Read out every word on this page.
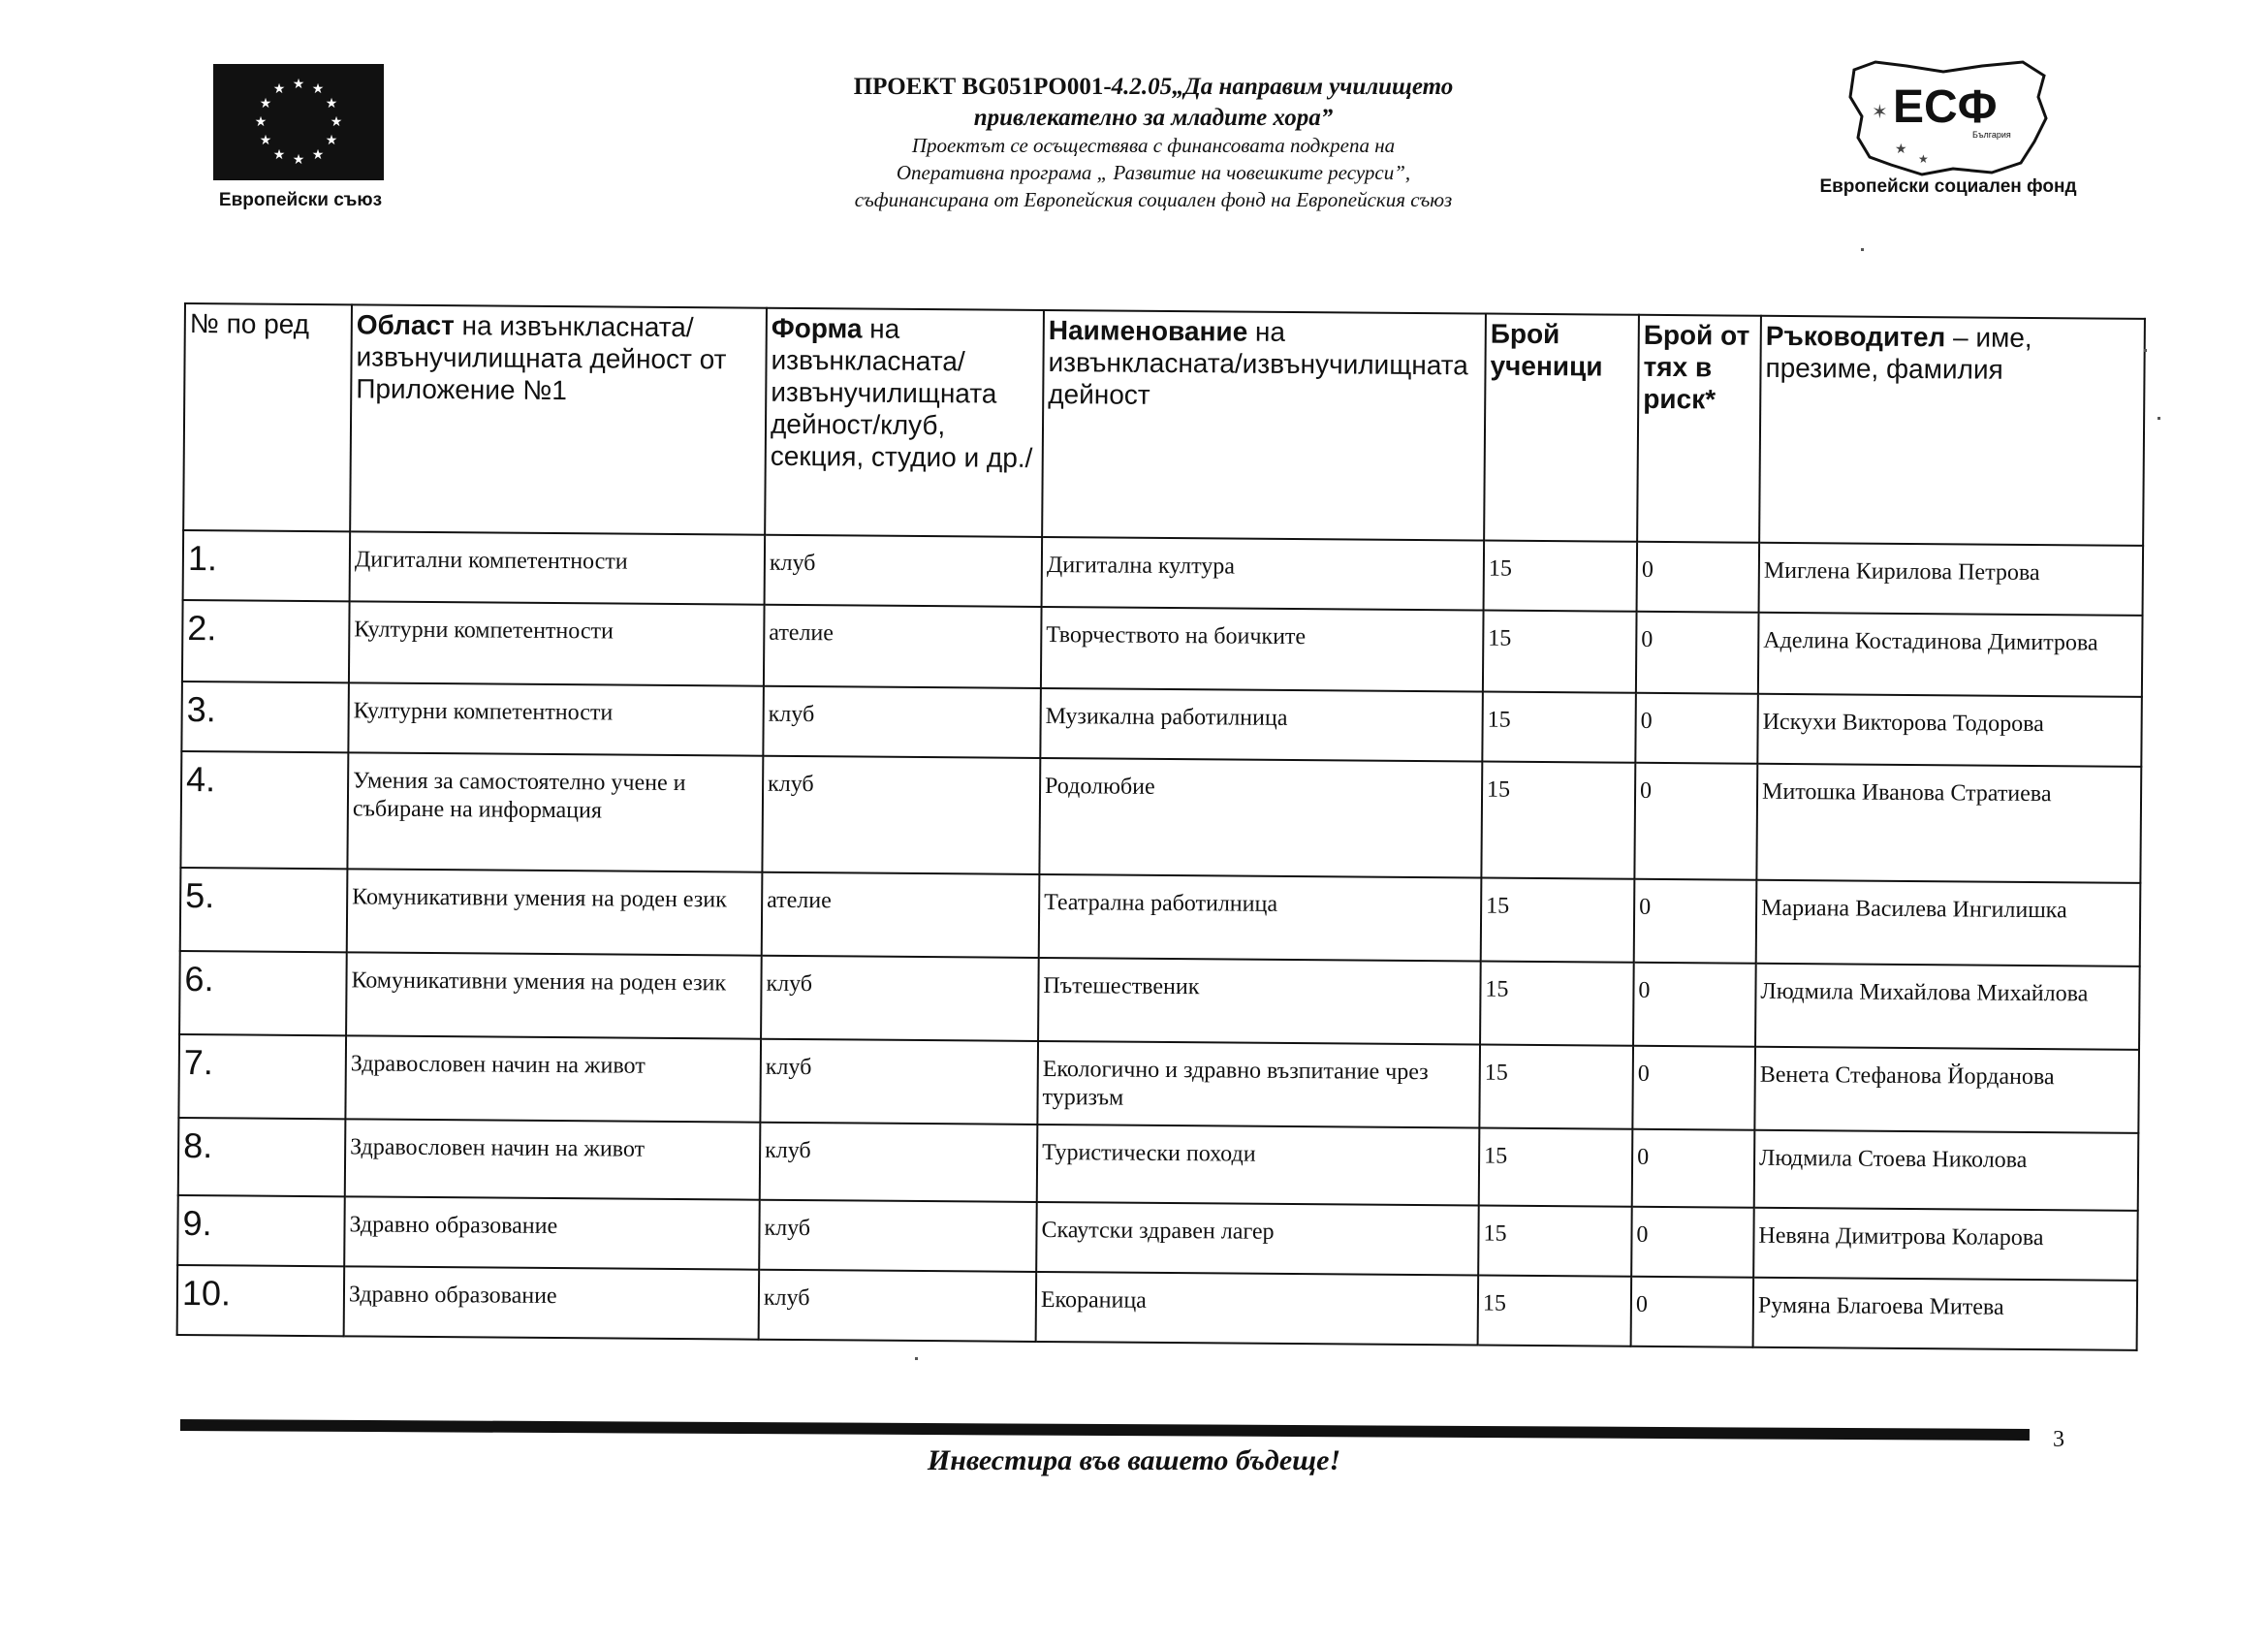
★ ★
★
★
★
★
★
★
★
★
★
★
Европейски съюз
ЕСФ
България
✶
★
★
Европейски социален фонд
ПРОЕКТ BG051PO001-4.2.05„Да направим училището
привлекателно за младите хора”
Проектът се осъществява с финансовата подкрепа на
Оперативна програма „ Развитие на човешките ресурси”,
съфинансирана от Европейския социален фонд на Европейския съюз
№ по ред	Област на извънкласната/извънучилищната дейност от Приложение №1	Форма на извънкласната/извънучилищната дейност/клуб, секция, студио и др./	Наименование на извънкласната/извънучилищната дейност	Брой ученици	Брой от тях в риск*	Ръководител – име, презиме, фамилия
1.	Дигитални компетентности	клуб	Дигитална култура	15	0	Миглена Кирилова Петрова
2.	Културни компетентности	ателие	Творчеството на боичките	15	0	Аделина Костадинова Димитрова
3.	Културни компетентности	клуб	Музикална работилница	15	0	Искухи Викторова Тодорова
4.	Умения за самостоятелно учене и събиране на информация	клуб	Родолюбие	15	0	Митошка Иванова Стратиева
5.	Комуникативни умения на роден език	ателие	Театрална работилница	15	0	Мариана Василева Ингилишка
6.	Комуникативни умения на роден език	клуб	Пътешественик	15	0	Людмила Михайлова Михайлова
7.	Здравословен начин на живот	клуб	Екологично и здравно възпитание чрез туризъм	15	0	Венета Стефанова Йорданова
8.	Здравословен начин на живот	клуб	Туристически походи	15	0	Людмила Стоева Николова
9.	Здравно образование	клуб	Скаутски здравен лагер	15	0	Невяна Димитрова Коларова
10.	Здравно образование	клуб	Екораница	15	0	Румяна Благоева Митева
3
Инвестира във вашето бъдеще!
